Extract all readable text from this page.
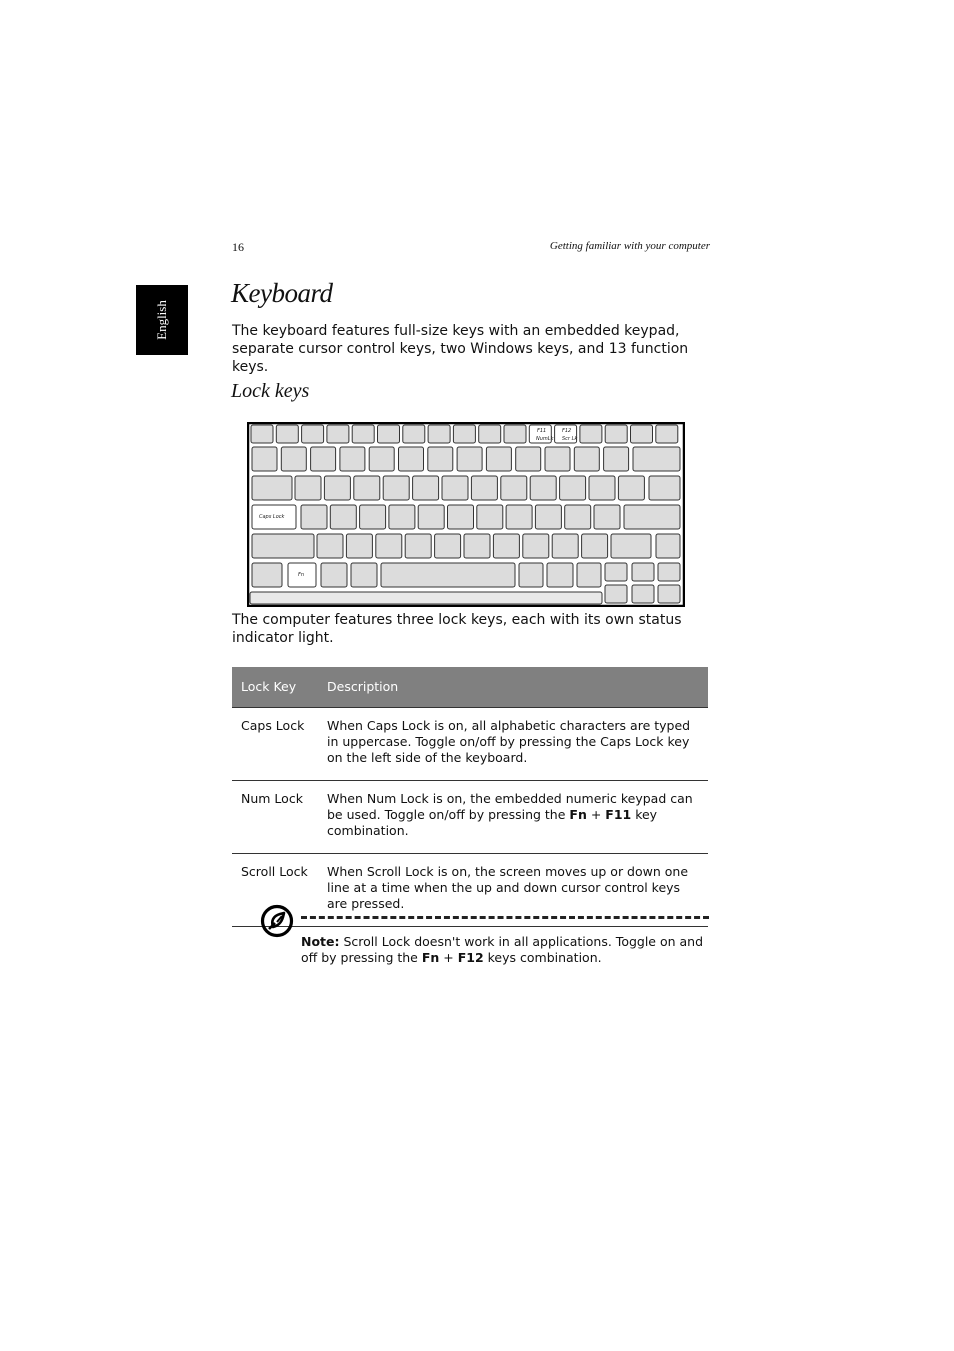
16	Getting familiar with your computer
English
Keyboard

The keyboard features full-size keys with an embedded keypad, separate cursor control keys, two Windows keys, and 13 function keys.

Lock keys
F11
NumLk
F12
Scr Lk
Caps Lock
Fn

The computer features three lock keys, each with its own status indicator light.

Lock Key	Description
Caps Lock	When Caps Lock is on, all alphabetic characters are typed in uppercase. Toggle on/off by pressing the Caps Lock key on the left side of the keyboard.
Num Lock	When Num Lock is on, the embedded numeric keypad can be used. Toggle on/off by pressing the Fn + F11 key combination.
Scroll Lock	When Scroll Lock is on, the screen moves up or down one line at a time when the up and down cursor control keys are pressed.

Note: Scroll Lock doesn't work in all applications. Toggle on and off by pressing the Fn + F12 keys combination.
